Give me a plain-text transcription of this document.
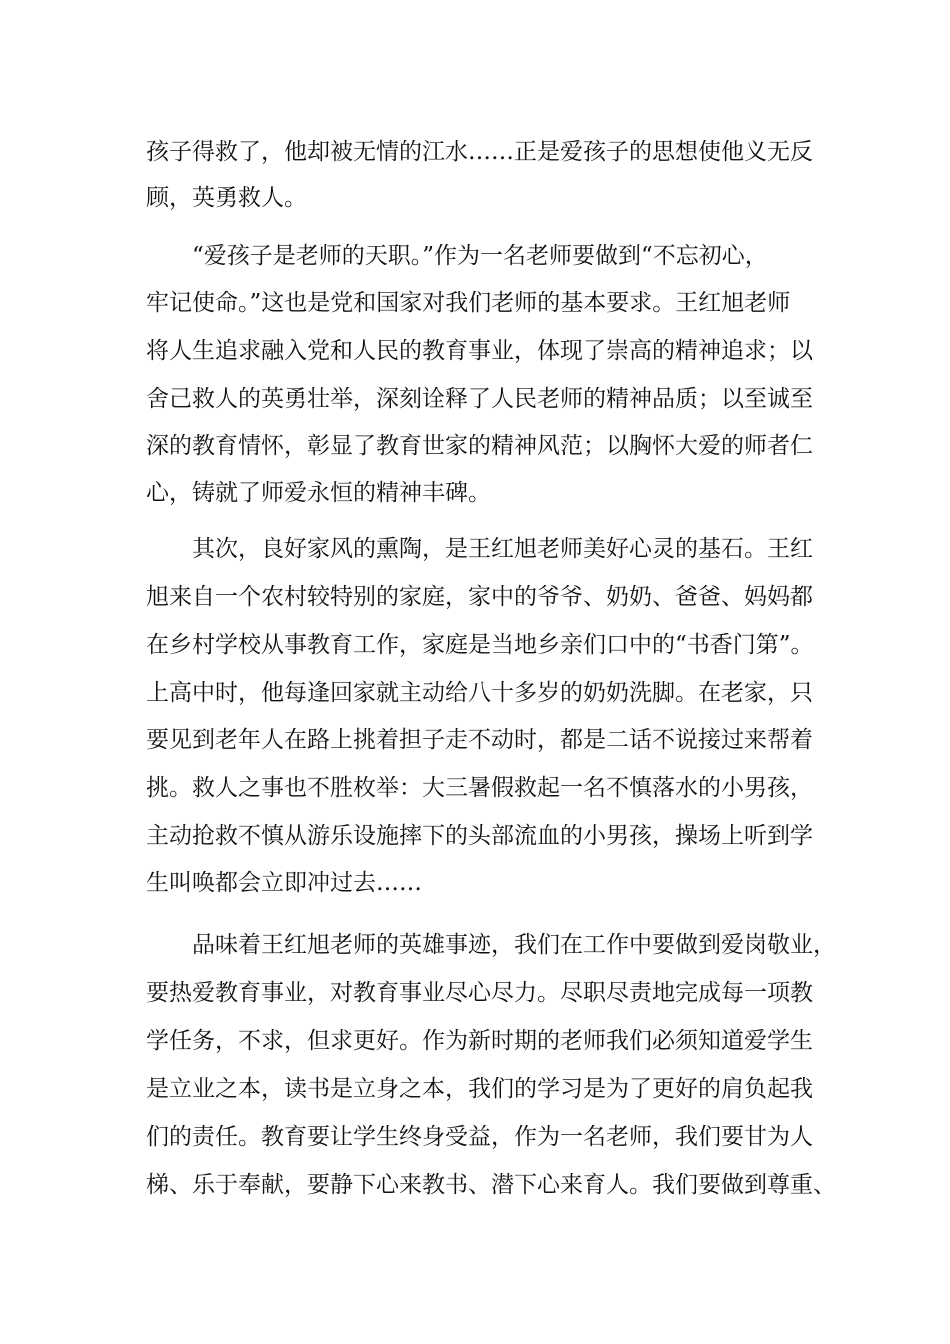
孩子得救了，他却被无情的江水……正是爱孩子的思想使他义无反
顾，英勇救人。
“爱孩子是老师的天职。”作为一名老师要做到“不忘初心，
牢记使命。”这也是党和国家对我们老师的基本要求。王红旭老师
将人生追求融入党和人民的教育事业，体现了崇高的精神追求；以
舍己救人的英勇壮举，深刻诠释了人民老师的精神品质；以至诚至
深的教育情怀，彰显了教育世家的精神风范；以胸怀大爱的师者仁
心，铸就了师爱永恒的精神丰碑。
其次，良好家风的熏陶，是王红旭老师美好心灵的基石。王红
旭来自一个农村较特别的家庭，家中的爷爷、奶奶、爸爸、妈妈都
在乡村学校从事教育工作，家庭是当地乡亲们口中的“书香门第”。
上高中时，他每逢回家就主动给八十多岁的奶奶洗脚。在老家，只
要见到老年人在路上挑着担子走不动时，都是二话不说接过来帮着
挑。救人之事也不胜枚举：大三暑假救起一名不慎落水的小男孩，
主动抢救不慎从游乐设施摔下的头部流血的小男孩，操场上听到学
生叫唤都会立即冲过去……
品味着王红旭老师的英雄事迹，我们在工作中要做到爱岗敬业，
要热爱教育事业，对教育事业尽心尽力。尽职尽责地完成每一项教
学任务，不求，但求更好。作为新时期的老师我们必须知道爱学生
是立业之本，读书是立身之本，我们的学习是为了更好的肩负起我
们的责任。教育要让学生终身受益，作为一名老师，我们要甘为人
梯、乐于奉献，要静下心来教书、潜下心来育人。我们要做到尊重、
